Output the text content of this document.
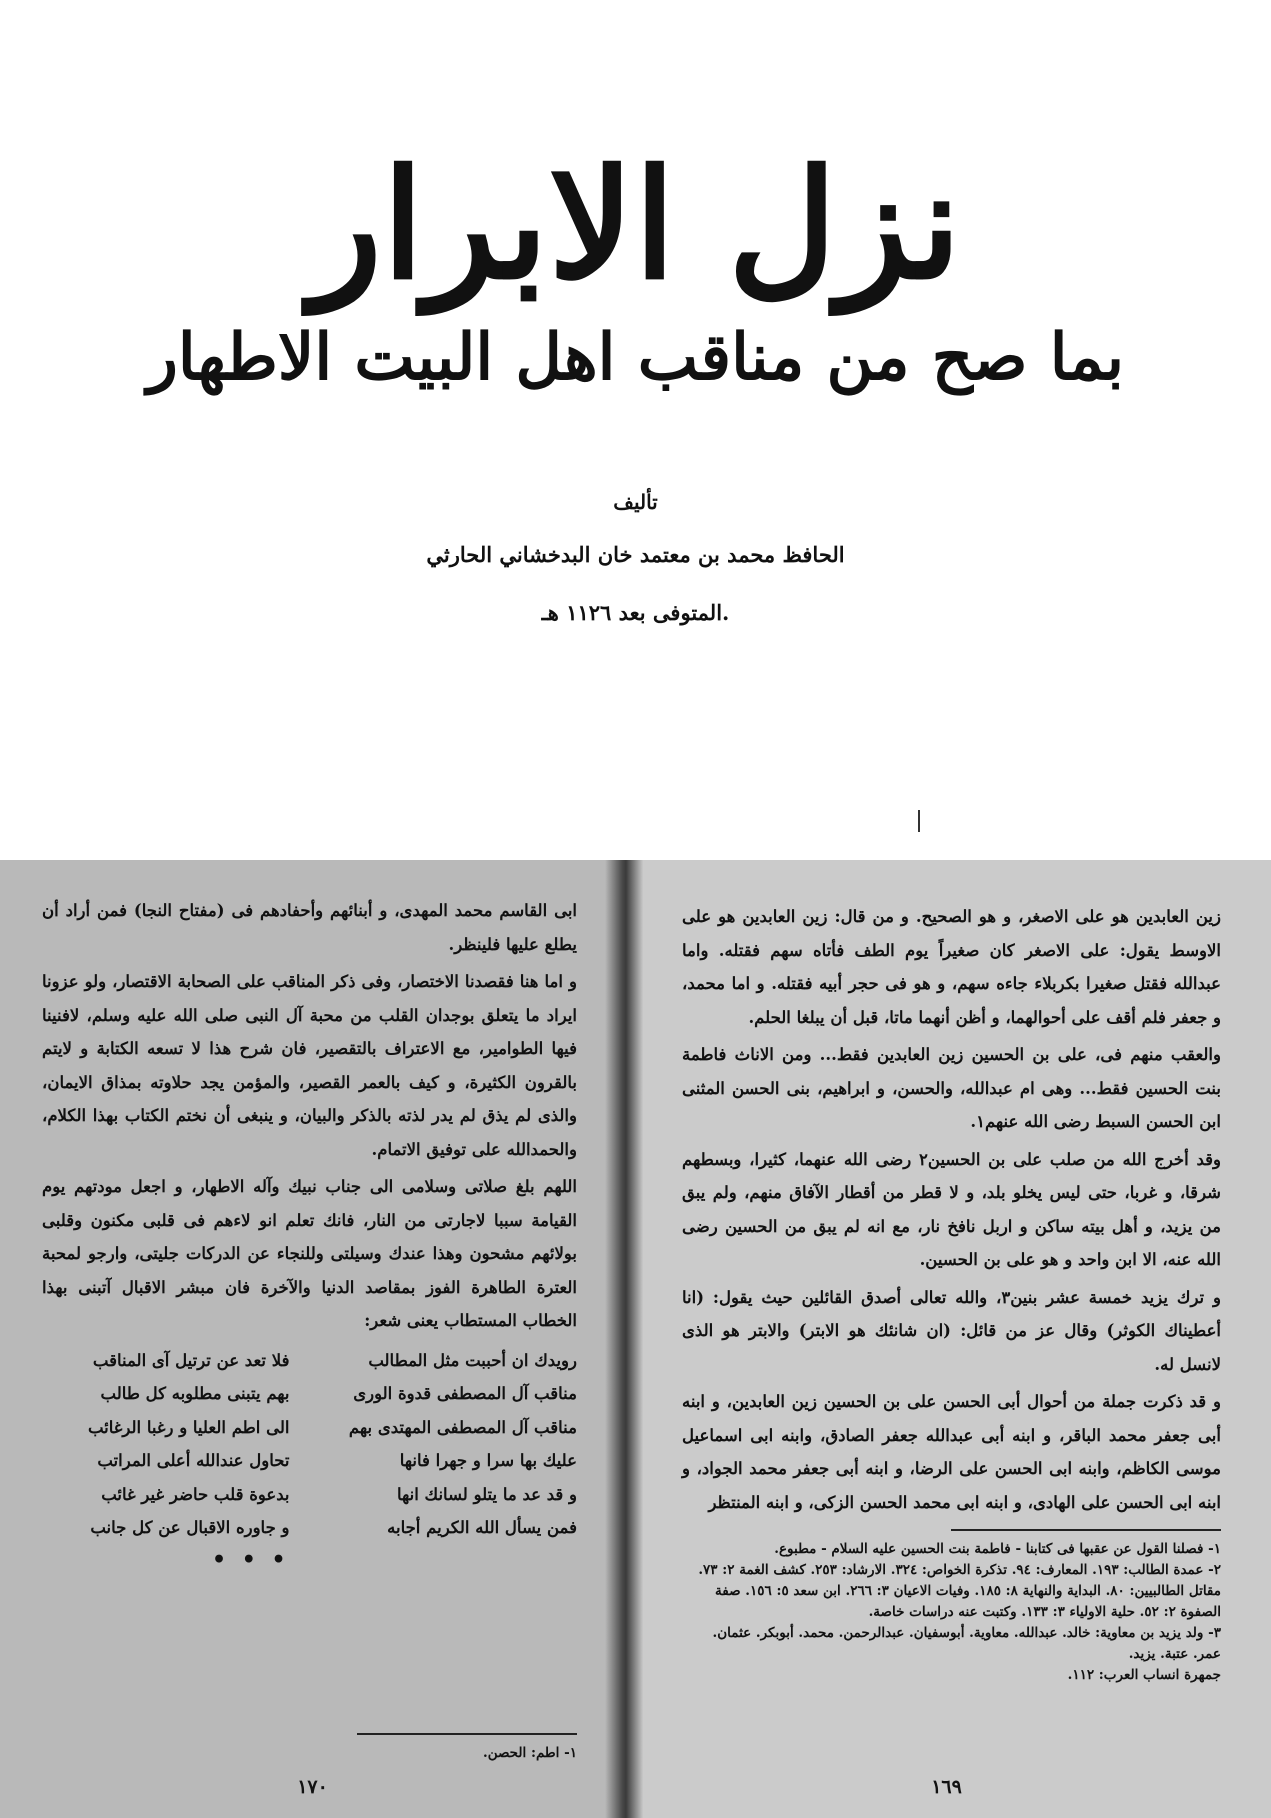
نزل الابرار
بما صح من مناقب اهل البيت الاطهار
تأليف
الحافظ محمد بن معتمد خان البدخشاني الحارثي
المتوفى بعد ١١٢٦ هـ.

ابى القاسم محمد المهدى، و أبنائهم وأحفادهم فى (مفتاح النجا) فمن أراد أن يطلع عليها فلينظر.

و اما هنا فقصدنا الاختصار، وفى ذكر المناقب على الصحابة الاقتصار، ولو عزونا ايراد ما يتعلق بوجدان القلب من محبة آل النبى صلى الله عليه وسلم، لافنينا فيها الطوامير، مع الاعتراف بالتقصير، فان شرح هذا لا تسعه الكتابة و لايتم بالقرون الكثيرة، و كيف بالعمر القصير، والمؤمن يجد حلاوته بمذاق الايمان، والذى لم يذق لم يدر لذته بالذكر والبيان، و ينبغى أن نختم الكتاب بهذا الكلام، والحمدالله على توفيق الاتمام.

اللهم بلغ صلاتى وسلامى الى جناب نبيك وآله الاطهار، و اجعل مودتهم يوم القيامة سببا لاجارتى من النار، فانك تعلم انو لاءهم فى قلبى مكنون وقلبى بولائهم مشحون وهذا عندك وسيلتى وللنجاء عن الدركات جليتى، وارجو لمحبة العترة الطاهرة الفوز بمقاصد الدنيا والآخرة فان مبشر الاقبال آتبنى بهذا الخطاب المستطاب يعنى شعر:

رويدك ان أحببت مثل المطالب
فلا تعد عن ترتيل آى المناقب
مناقب آل المصطفى قدوة الورى
بهم يتبنى مطلوبه كل طالب
مناقب آل المصطفى المهتدى بهم
الى اطم العليا و رغبا الرغائب
عليك بها سرا و جهرا فانها
تحاول عندالله أعلى المراتب
و قد عد ما يتلو لسانك انها
بدعوة قلب حاضر غير غائب
فمن يسأل الله الكريم أجابه
و جاوره الاقبال عن كل جانب
• • •

١- اطم: الحصن.

١٧٠

زين العابدين هو على الاصغر، و هو الصحيح. و من قال: زين العابدين هو على الاوسط يقول: على الاصغر كان صغيراً يوم الطف فأتاه سهم فقتله. واما عبدالله فقتل صغيرا بكربلاء جاءه سهم، و هو فى حجر أبيه فقتله. و اما محمد، و جعفر فلم أقف على أحوالهما، و أظن أنهما ماتا، قبل أن يبلغا الحلم.

والعقب منهم فى، على بن الحسين زين العابدين فقط... ومن الاناث فاطمة بنت الحسين فقط... وهى ام عبدالله، والحسن، و ابراهيم، بنى الحسن المثنى ابن الحسن السبط رضى الله عنهم١.

وقد أخرج الله من صلب على بن الحسين٢ رضى الله عنهما، كثيرا، وبسطهم شرقا، و غربا، حتى ليس يخلو بلد، و لا قطر من أقطار الآفاق منهم، ولم يبق من يزيد، و أهل بيته ساكن و اربل نافخ نار، مع انه لم يبق من الحسين رضى الله عنه، الا ابن واحد و هو على بن الحسين.

و ترك يزيد خمسة عشر بنين٣، والله تعالى أصدق القائلين حيث يقول: (انا أعطيناك الكوثر) وقال عز من قائل: (ان شانئك هو الابتر) والابتر هو الذى لانسل له.

و قد ذكرت جملة من أحوال أبى الحسن على بن الحسين زين العابدين، و ابنه أبى جعفر محمد الباقر، و ابنه أبى عبدالله جعفر الصادق، وابنه ابى اسماعيل موسى الكاظم، وابنه ابى الحسن على الرضا، و ابنه أبى جعفر محمد الجواد، و ابنه ابى الحسن على الهادى، و ابنه ابى محمد الحسن الزكى، و ابنه المنتظر

١- فصلنا القول عن عقبها فى كتابنا - فاطمة بنت الحسين عليه السلام - مطبوع.

٢- عمدة الطالب: ١٩٣. المعارف: ٩٤. تذكرة الخواص: ٣٢٤. الارشاد: ٢٥٣. كشف الغمة ٢: ٧٣. مقاتل الطالبيين: ٨٠. البداية والنهاية ٨: ١٨٥. وفيات الاعيان ٣: ٢٦٦. ابن سعد ٥: ١٥٦. صفة الصفوة ٢: ٥٢. حلية الاولياء ٣: ١٣٣. وكتبت عنه دراسات خاصة.

٣- ولد يزيد بن معاوية: خالد. عبدالله. معاوية. أبوسفيان. عبدالرحمن. محمد. أبوبكر. عثمان. عمر. عتبة. يزيد.

جمهرة انساب العرب: ١١٢.

١٦٩
